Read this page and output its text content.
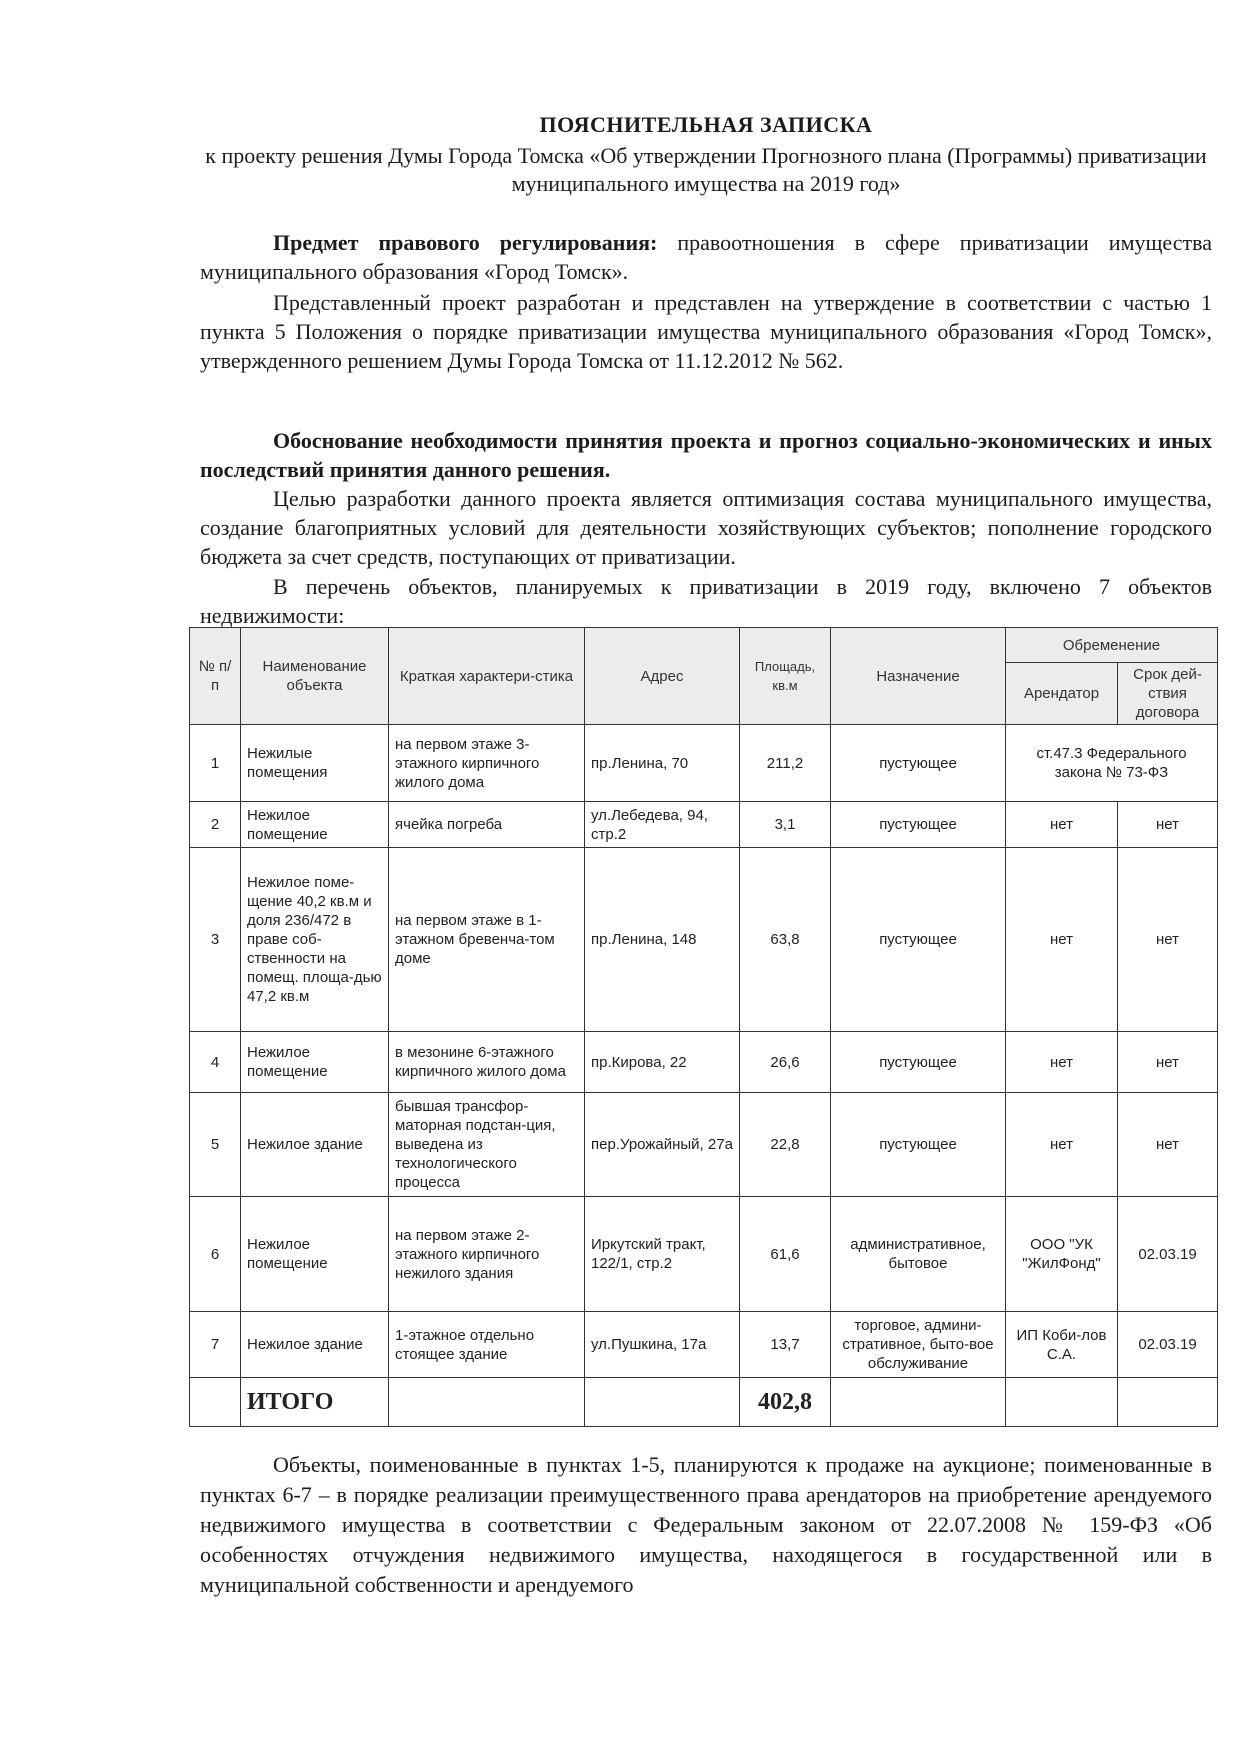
ПОЯСНИТЕЛЬНАЯ ЗАПИСКА
к проекту решения Думы Города Томска «Об утверждении Прогнозного плана (Программы) приватизации муниципального имущества на 2019 год»

Предмет правового регулирования: правоотношения в сфере приватизации имущества муниципального образования «Город Томск».

Представленный проект разработан и представлен на утверждение в соответствии с частью 1 пункта 5 Положения о порядке приватизации имущества муниципального образования «Город Томск», утвержденного решением Думы Города Томска от 11.12.2012 № 562.

Обоснование необходимости принятия проекта и прогноз социально-экономических и иных последствий принятия данного решения.

Целью разработки данного проекта является оптимизация состава муниципального имущества, создание благоприятных условий для деятельности хозяйствующих субъектов; пополнение городского бюджета за счет средств, поступающих от приватизации.

В перечень объектов, планируемых к приватизации в 2019 году, включено 7 объектов недвижимости:

№ п/п	Наименование объекта	Краткая характери-стика	Адрес	Площадь, кв.м	Назначение	Обременение	
						Арендатор	Срок дей-ствия договора
1	Нежилые помещения	на первом этаже 3-этажного кирпичного жилого дома	пр.Ленина, 70	211,2	пустующее	ст.47.3 Федерального закона № 73-ФЗ	
2	Нежилое помещение	ячейка погреба	ул.Лебедева, 94, стр.2	3,1	пустующее	нет	нет
3	Нежилое поме-щение 40,2 кв.м и доля 236/472 в праве соб-ственности на помещ. площа-дью 47,2 кв.м	на первом этаже в 1-этажном бревенча-том доме	пр.Ленина, 148	63,8	пустующее	нет	нет
4	Нежилое помещение	в мезонине 6-этажного кирпичного жилого дома	пр.Кирова, 22	26,6	пустующее	нет	нет
5	Нежилое здание	бывшая трансфор-маторная подстан-ция, выведена из технологического процесса	пер.Урожайный, 27а	22,8	пустующее	нет	нет
6	Нежилое помещение	на первом этаже 2-этажного кирпичного нежилого здания	Иркутский тракт, 122/1, стр.2	61,6	административное, бытовое	ООО "УК "ЖилФонд"	02.03.19
7	Нежилое здание	1-этажное отдельно стоящее здание	ул.Пушкина, 17а	13,7	торговое, админи-стративное, быто-вое обслуживание	ИП Коби-лов С.А.	02.03.19
	ИТОГО			402,8			

Объекты, поименованные в пунктах 1-5, планируются к продаже на аукционе; поименованные в пунктах 6-7 – в порядке реализации преимущественного права арендаторов на приобретение арендуемого недвижимого имущества в соответствии с Федеральным законом от 22.07.2008 № 159-ФЗ «Об особенностях отчуждения недвижимого имущества, находящегося в государственной или в муниципальной собственности и арендуемого
